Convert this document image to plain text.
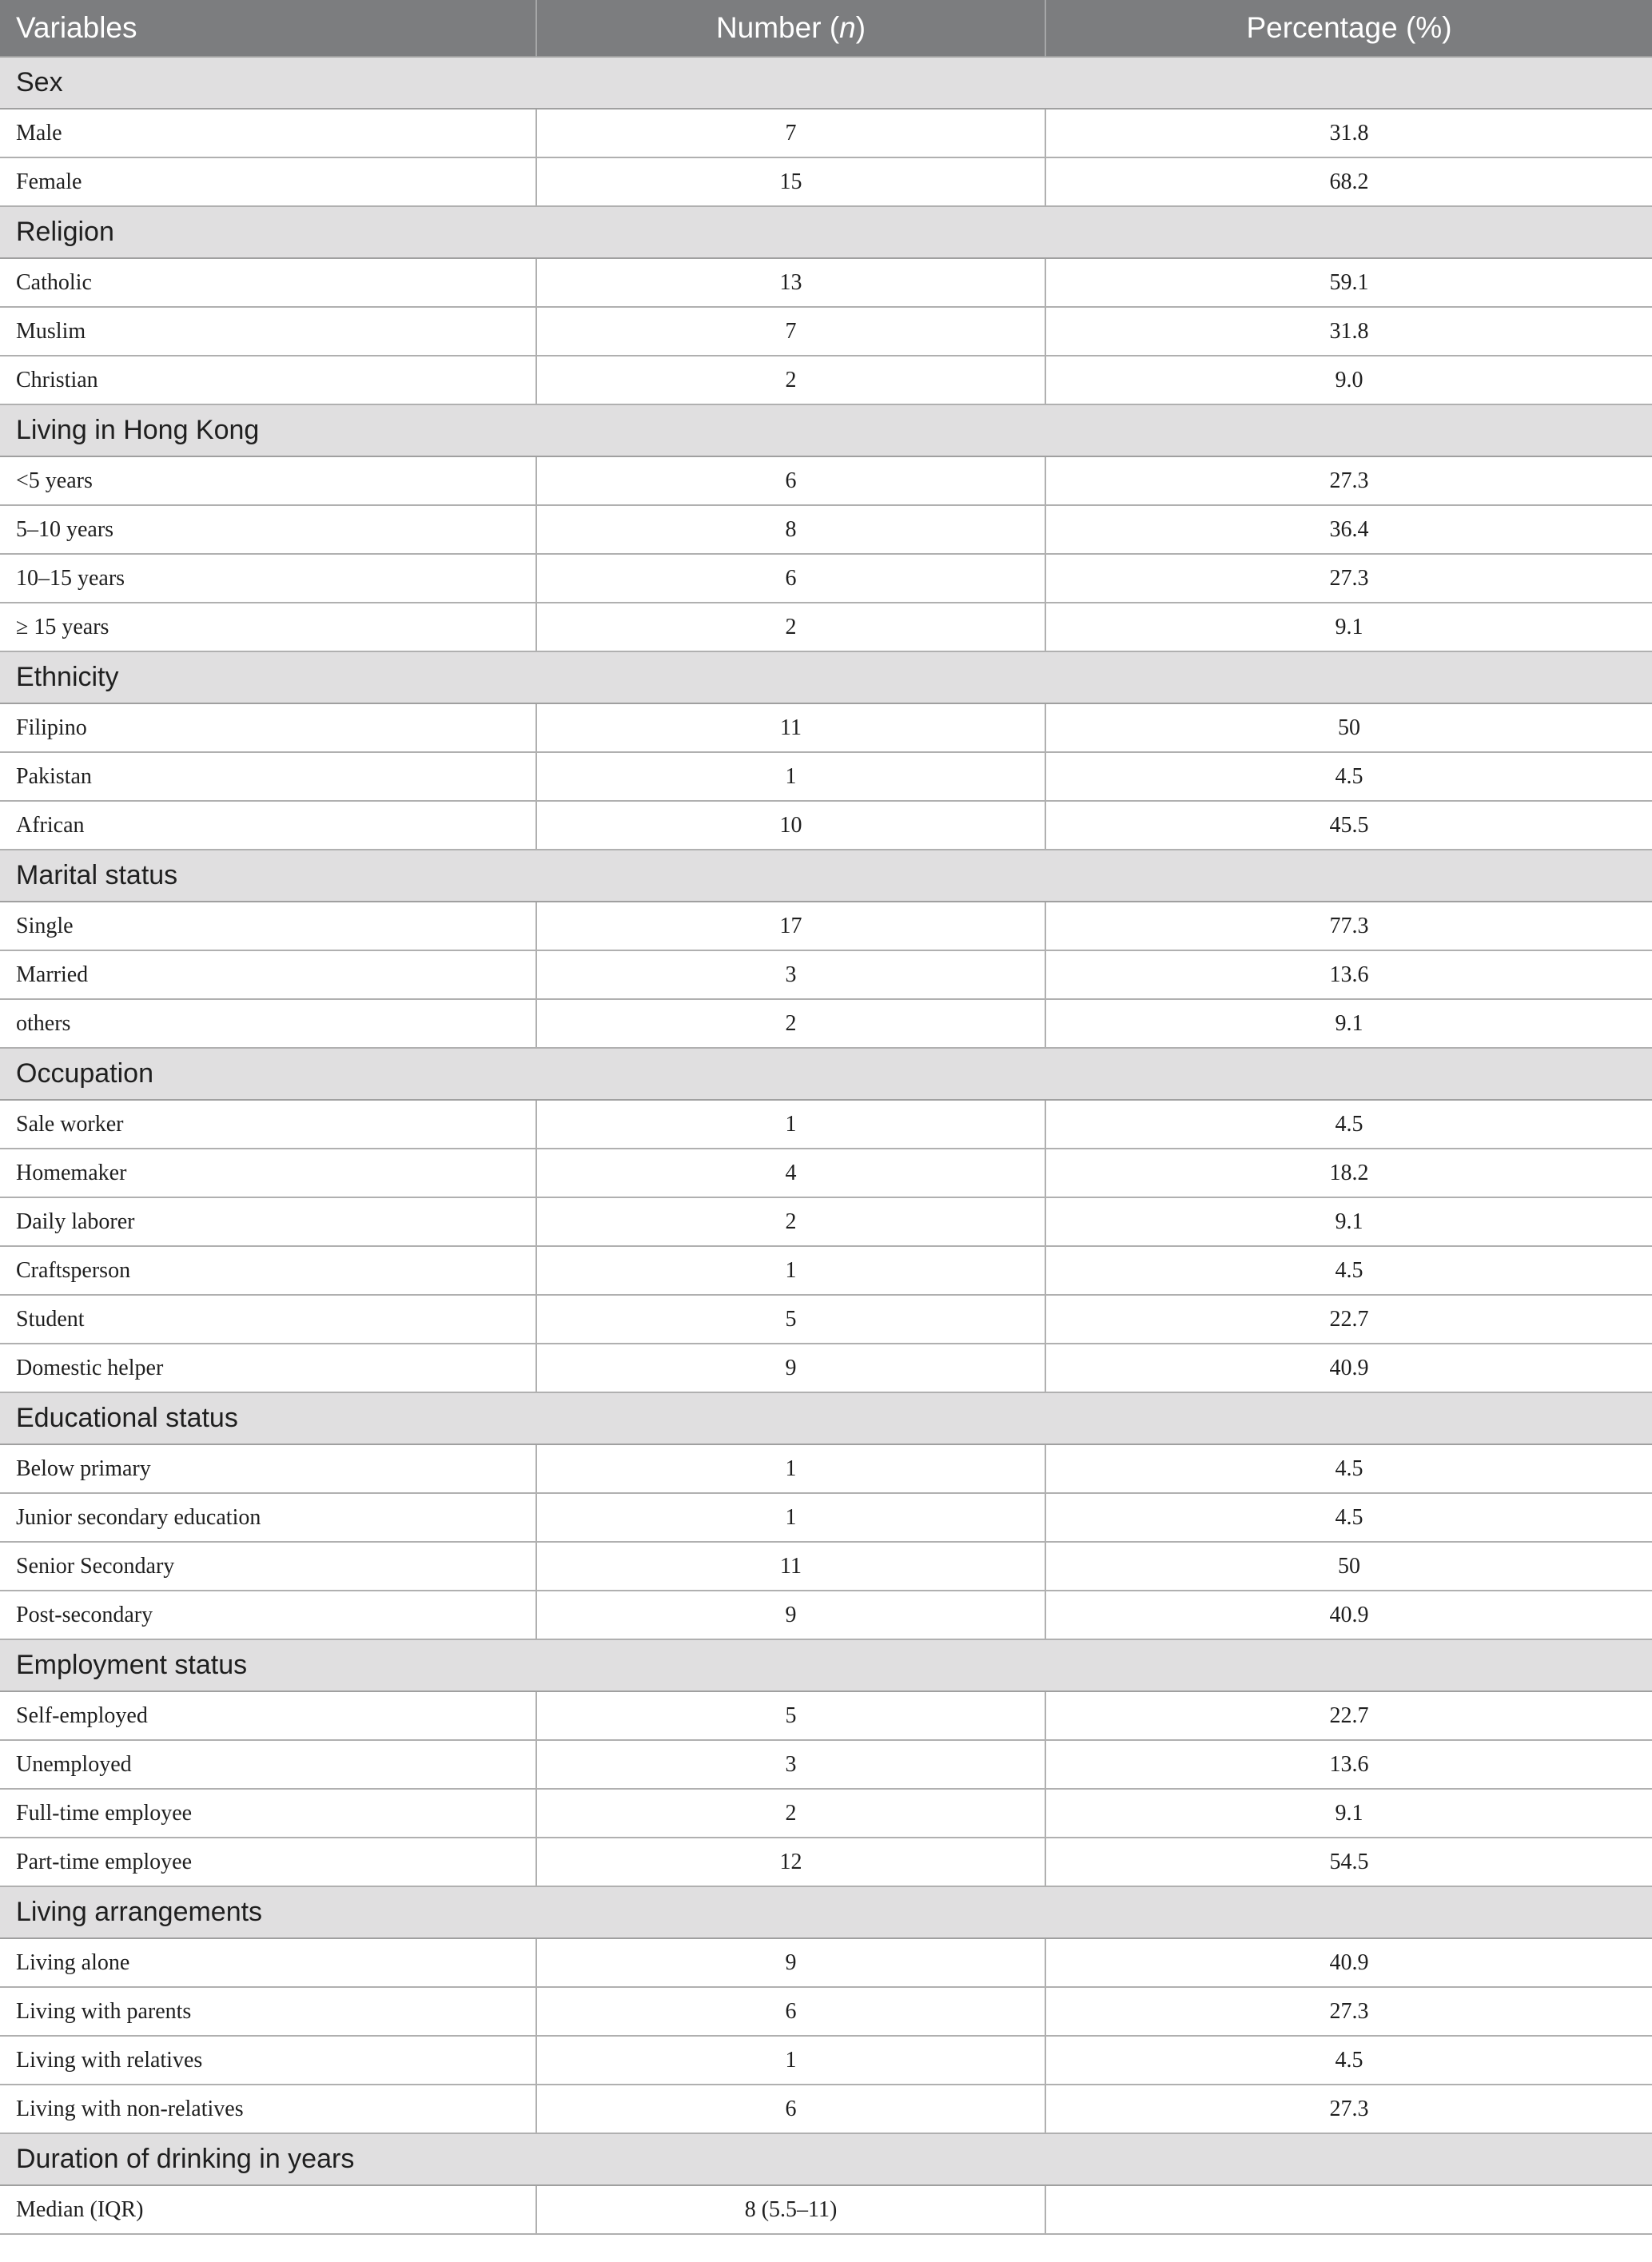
Variables	Number (n)	Percentage (%)
Sex		
Male	7	31.8
Female	15	68.2
Religion		
Catholic	13	59.1
Muslim	7	31.8
Christian	2	9.0
Living in Hong Kong		
<5 years	6	27.3
5–10 years	8	36.4
10–15 years	6	27.3
≥ 15 years	2	9.1
Ethnicity		
Filipino	11	50
Pakistan	1	4.5
African	10	45.5
Marital status		
Single	17	77.3
Married	3	13.6
others	2	9.1
Occupation		
Sale worker	1	4.5
Homemaker	4	18.2
Daily laborer	2	9.1
Craftsperson	1	4.5
Student	5	22.7
Domestic helper	9	40.9
Educational status		
Below primary	1	4.5
Junior secondary education	1	4.5
Senior Secondary	11	50
Post-secondary	9	40.9
Employment status		
Self-employed	5	22.7
Unemployed	3	13.6
Full-time employee	2	9.1
Part-time employee	12	54.5
Living arrangements		
Living alone	9	40.9
Living with parents	6	27.3
Living with relatives	1	4.5
Living with non-relatives	6	27.3
Duration of drinking in years		
Median (IQR)	8 (5.5–11)	
